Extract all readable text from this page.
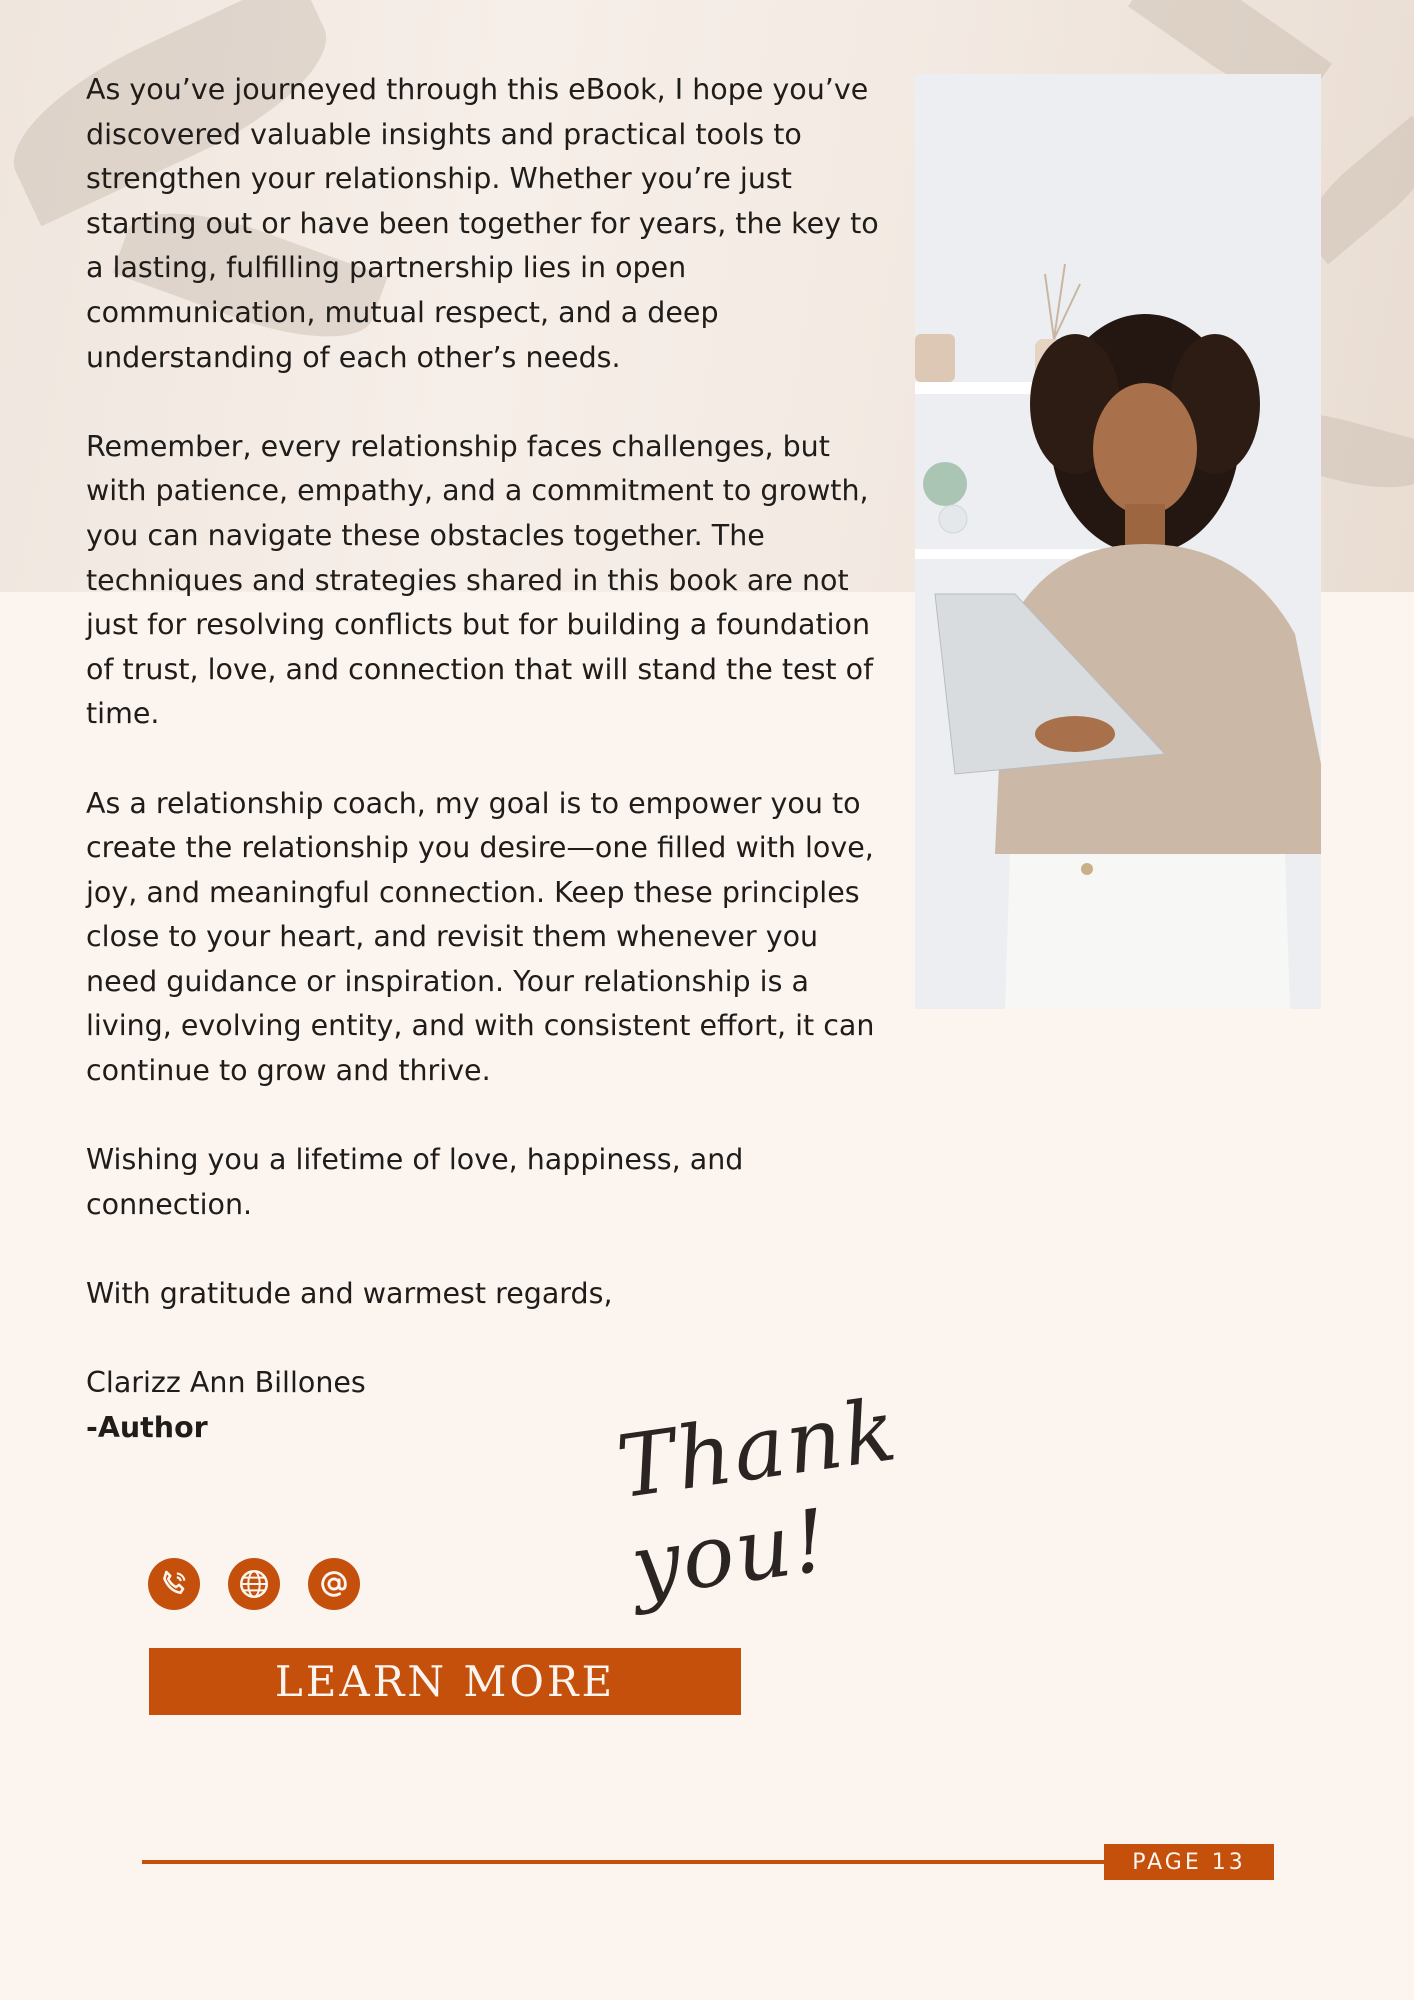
As you’ve journeyed through this eBook, I hope you’ve discovered valuable insights and practical tools to strengthen your relationship. Whether you’re just starting out or have been together for years, the key to a lasting, fulfilling partnership lies in open communication, mutual respect, and a deep understanding of each other’s needs.

Remember, every relationship faces challenges, but with patience, empathy, and a commitment to growth, you can navigate these obstacles together. The techniques and strategies shared in this book are not just for resolving conflicts but for building a foundation of trust, love, and connection that will stand the test of time.

As a relationship coach, my goal is to empower you to create the relationship you desire—one filled with love, joy, and meaningful connection. Keep these principles close to your heart, and revisit them whenever you need guidance or inspiration. Your relationship is a living, evolving entity, and with consistent effort, it can continue to grow and thrive.

Wishing you a lifetime of love, happiness, and connection.

With gratitude and warmest regards,

Clarizz Ann Billones

-Author	Thank you!
LEARN MORE
PAGE 13
